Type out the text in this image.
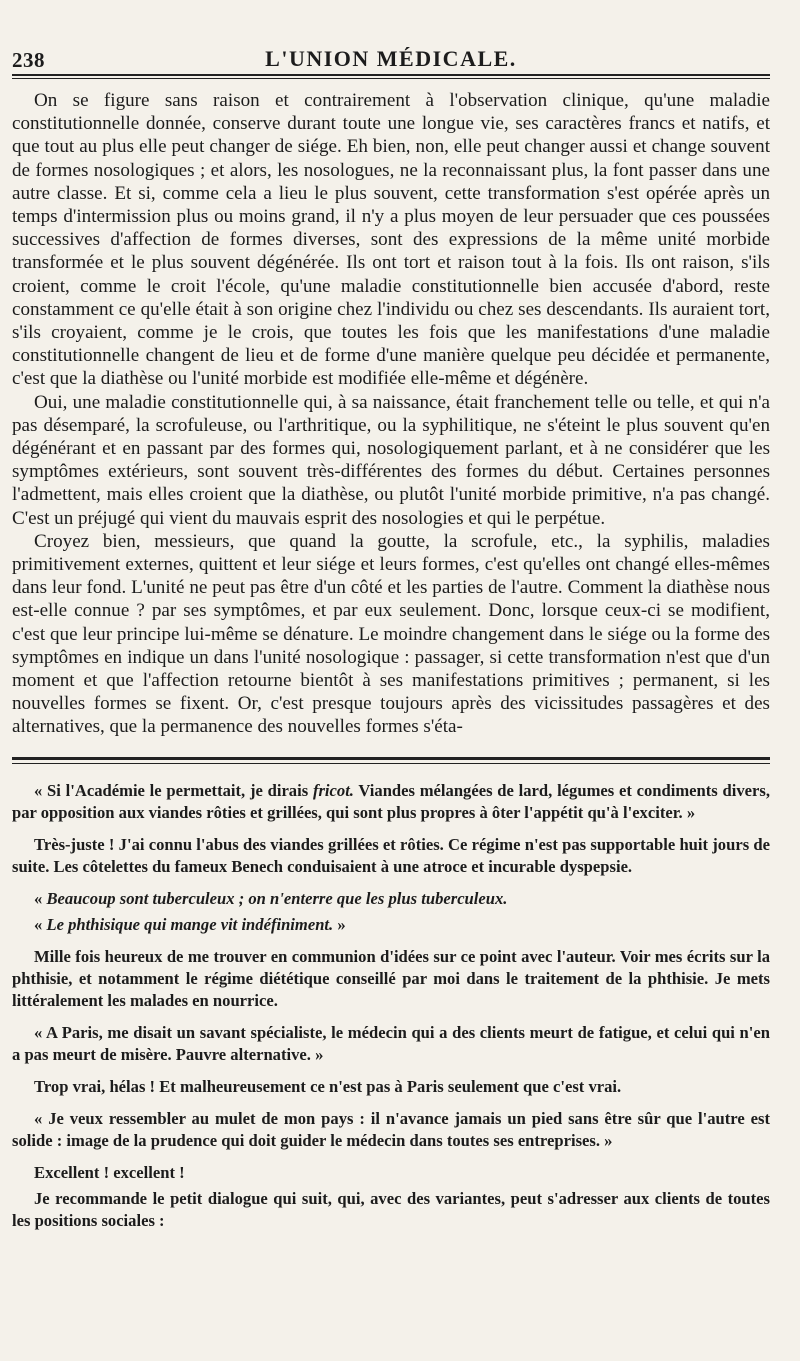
238	L'UNION MÉDICALE.

On se figure sans raison et contrairement à l'observation clinique, qu'une maladie constitutionnelle donnée, conserve durant toute une longue vie, ses caractères francs et natifs, et que tout au plus elle peut changer de siége. Eh bien, non, elle peut changer aussi et change souvent de formes nosologiques ; et alors, les nosologues, ne la reconnaissant plus, la font passer dans une autre classe. Et si, comme cela a lieu le plus souvent, cette transformation s'est opérée après un temps d'intermission plus ou moins grand, il n'y a plus moyen de leur persuader que ces poussées successives d'affection de formes diverses, sont des expressions de la même unité morbide transformée et le plus souvent dégénérée. Ils ont tort et raison tout à la fois. Ils ont raison, s'ils croient, comme le croit l'école, qu'une maladie constitutionnelle bien accusée d'abord, reste constamment ce qu'elle était à son origine chez l'individu ou chez ses descendants. Ils auraient tort, s'ils croyaient, comme je le crois, que toutes les fois que les manifestations d'une maladie constitutionnelle changent de lieu et de forme d'une manière quelque peu décidée et permanente, c'est que la diathèse ou l'unité morbide est modifiée elle-même et dégénère.

Oui, une maladie constitutionnelle qui, à sa naissance, était franchement telle ou telle, et qui n'a pas désemparé, la scrofuleuse, ou l'arthritique, ou la syphilitique, ne s'éteint le plus souvent qu'en dégénérant et en passant par des formes qui, nosologiquement parlant, et à ne considérer que les symptômes extérieurs, sont souvent très-différentes des formes du début. Certaines personnes l'admettent, mais elles croient que la diathèse, ou plutôt l'unité morbide primitive, n'a pas changé. C'est un préjugé qui vient du mauvais esprit des nosologies et qui le perpétue.

Croyez bien, messieurs, que quand la goutte, la scrofule, etc., la syphilis, maladies primitivement externes, quittent et leur siége et leurs formes, c'est qu'elles ont changé elles-mêmes dans leur fond. L'unité ne peut pas être d'un côté et les parties de l'autre. Comment la diathèse nous est-elle connue ? par ses symptômes, et par eux seulement. Donc, lorsque ceux-ci se modifient, c'est que leur principe lui-même se dénature. Le moindre changement dans le siége ou la forme des symptômes en indique un dans l'unité nosologique : passager, si cette transformation n'est que d'un moment et que l'affection retourne bientôt à ses manifestations primitives ; permanent, si les nouvelles formes se fixent. Or, c'est presque toujours après des vicissitudes passagères et des alternatives, que la permanence des nouvelles formes s'éta-

« Si l'Académie le permettait, je dirais fricot. Viandes mélangées de lard, légumes et condiments divers, par opposition aux viandes rôties et grillées, qui sont plus propres à ôter l'appétit qu'à l'exciter. »

Très-juste ! J'ai connu l'abus des viandes grillées et rôties. Ce régime n'est pas supportable huit jours de suite. Les côtelettes du fameux Benech conduisaient à une atroce et incurable dyspepsie.

« Beaucoup sont tuberculeux ; on n'enterre que les plus tuberculeux.

« Le phthisique qui mange vit indéfiniment. »

Mille fois heureux de me trouver en communion d'idées sur ce point avec l'auteur. Voir mes écrits sur la phthisie, et notamment le régime diététique conseillé par moi dans le traitement de la phthisie. Je mets littéralement les malades en nourrice.

« A Paris, me disait un savant spécialiste, le médecin qui a des clients meurt de fatigue, et celui qui n'en a pas meurt de misère. Pauvre alternative. »

Trop vrai, hélas ! Et malheureusement ce n'est pas à Paris seulement que c'est vrai.

« Je veux ressembler au mulet de mon pays : il n'avance jamais un pied sans être sûr que l'autre est solide : image de la prudence qui doit guider le médecin dans toutes ses entreprises. »

Excellent ! excellent !

Je recommande le petit dialogue qui suit, qui, avec des variantes, peut s'adresser aux clients de toutes les positions sociales :
